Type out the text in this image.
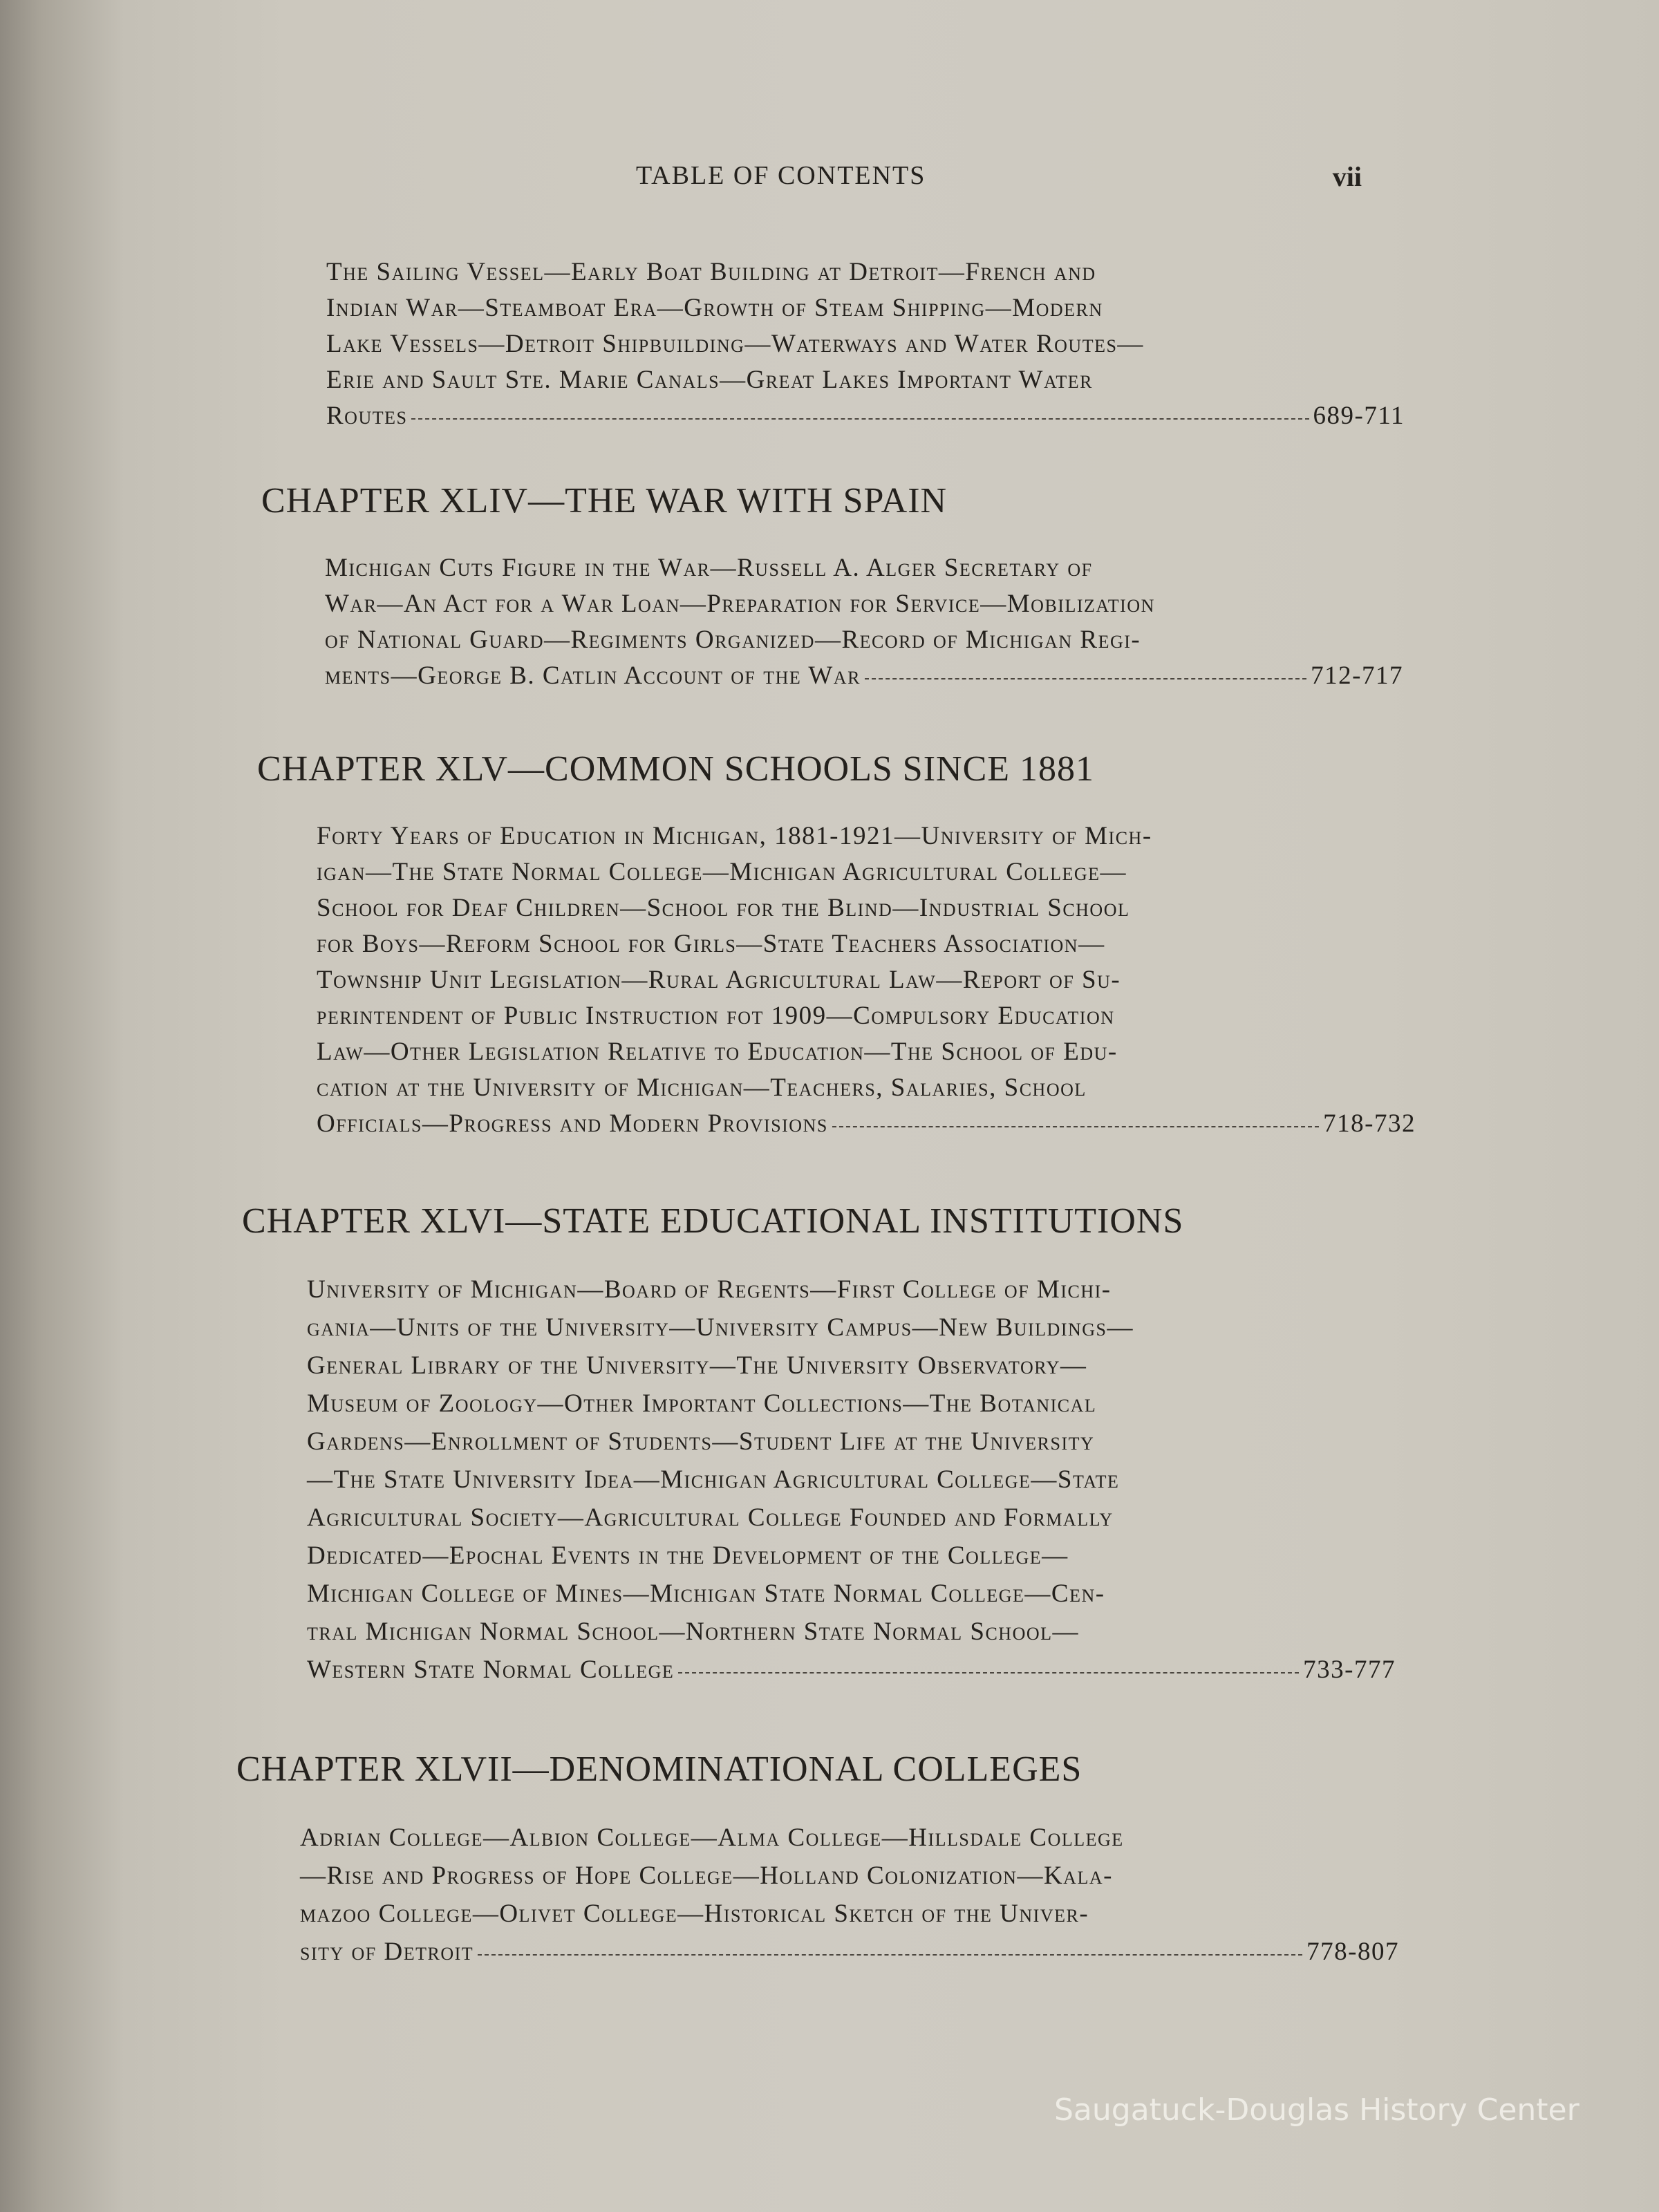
TABLE OF CONTENTS	vii
The Sailing Vessel—Early Boat Building at Detroit—French and
Indian War—Steamboat Era—Growth of Steam Shipping—Modern
Lake Vessels—Detroit Shipbuilding—Waterways and Water Routes—
Erie and Sault Ste. Marie Canals—Great Lakes Important Water
Routes	689-711
CHAPTER XLIV—THE WAR WITH SPAIN
Michigan Cuts Figure in the War—Russell A. Alger Secretary of
War—An Act for a War Loan—Preparation for Service—Mobilization
of National Guard—Regiments Organized—Record of Michigan Regi-
ments—George B. Catlin Account of the War	712-717
CHAPTER XLV—COMMON SCHOOLS SINCE 1881
Forty Years of Education in Michigan, 1881-1921—University of Mich-
igan—The State Normal College—Michigan Agricultural College—
School for Deaf Children—School for the Blind—Industrial School
for Boys—Reform School for Girls—State Teachers Association—
Township Unit Legislation—Rural Agricultural Law—Report of Su-
perintendent of Public Instruction fot 1909—Compulsory Education
Law—Other Legislation Relative to Education—The School of Edu-
cation at the University of Michigan—Teachers, Salaries, School
Officials—Progress and Modern Provisions	718-732
CHAPTER XLVI—STATE EDUCATIONAL INSTITUTIONS
University of Michigan—Board of Regents—First College of Michi-
gania—Units of the University—University Campus—New Buildings—
General Library of the University—The University Observatory—
Museum of Zoology—Other Important Collections—The Botanical
Gardens—Enrollment of Students—Student Life at the University
—The State University Idea—Michigan Agricultural College—State
Agricultural Society—Agricultural College Founded and Formally
Dedicated—Epochal Events in the Development of the College—
Michigan College of Mines—Michigan State Normal College—Cen-
tral Michigan Normal School—Northern State Normal School—
Western State Normal College	733-777
CHAPTER XLVII—DENOMINATIONAL COLLEGES
Adrian College—Albion College—Alma College—Hillsdale College
—Rise and Progress of Hope College—Holland Colonization—Kala-
mazoo College—Olivet College—Historical Sketch of the Univer-
sity of Detroit	778-807
Saugatuck-Douglas History Center
